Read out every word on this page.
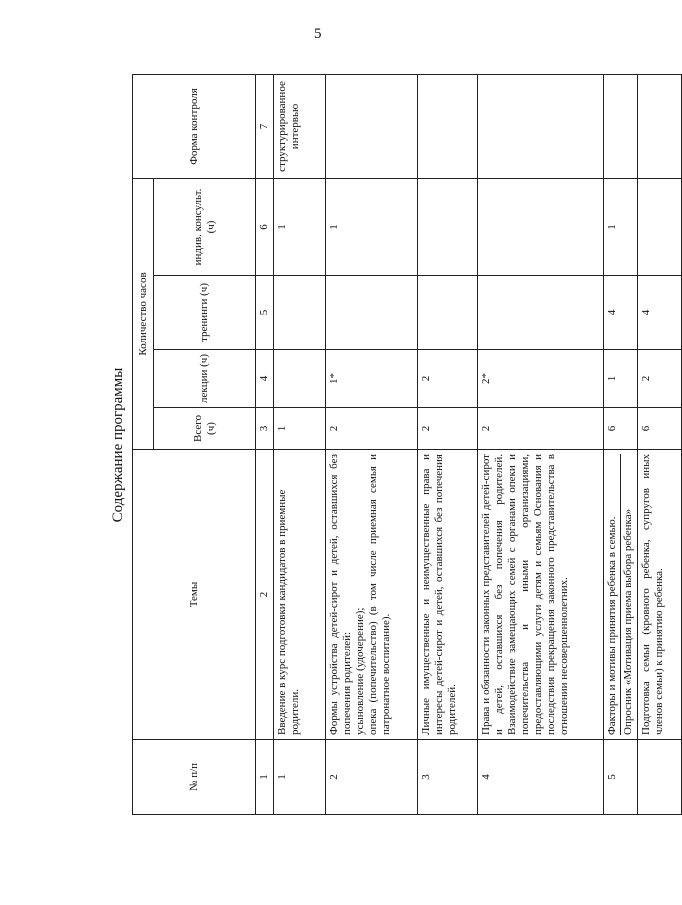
5
Содержание программы
№ п/п	Темы	Количество часов				Форма контроля
		Всего (ч)	лекции (ч)	тренинги (ч)	индив. консульт. (ч)	
1	2	3	4	5	6	7
1	Введение в курс подготовки кандидатов в приемные родители.	1			1	структурированное интервью
2	Формы устройства детей-сирот и детей, оставшихся без попечения родителей: усыновление (удочерение); опека (попечительство) (в том числе приемная семья и патронатное воспитание).	2	1*		1	
3	Личные имущественные и неимущественные права и интересы детей-сирот и детей, оставшихся без попечения родителей.	2	2			
4	Права и обязанности законных представителей детей-сирот и детей, оставшихся без попечения родителей. Взаимодействие замещающих семей с органами опеки и попечительства и иными организациями, предоставляющими услуги детям и семьям Основания и последствия прекращения законного представительства в отношении несовершеннолетних.	2	2*			
5	Факторы и мотивы принятия ребенка в семью. Опросник «Мотивация приема выбора ребенка»	6	1	4	1	
	Подготовка семьи (кровного ребенка, супругов иных членов семьи) к принятию ребенка.	6	2	4		
